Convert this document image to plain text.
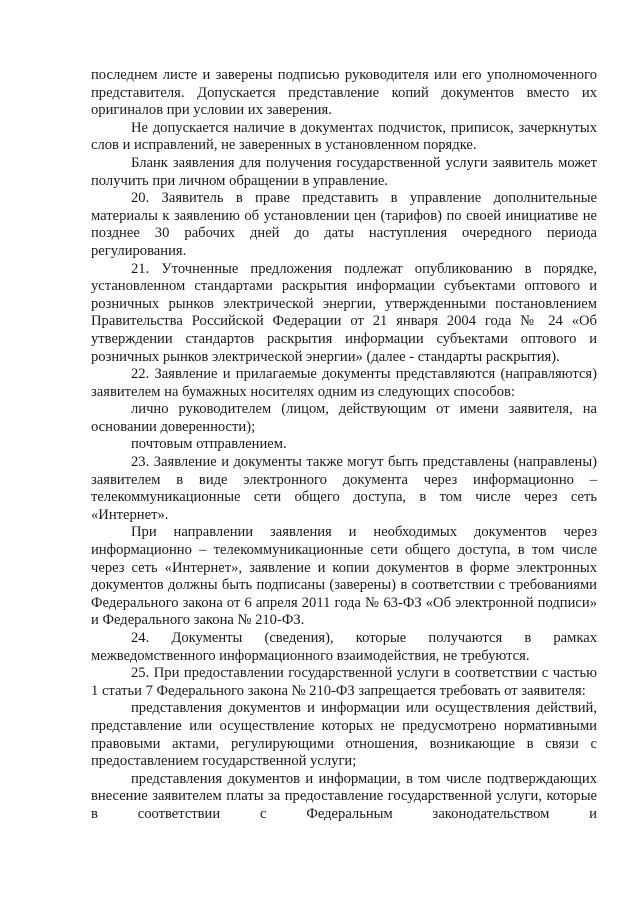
последнем листе и заверены подписью руководителя или его уполномоченного представителя. Допускается представление копий документов вместо их оригиналов при условии их заверения.

Не допускается наличие в документах подчисток, приписок, зачеркнутых слов и исправлений, не заверенных в установленном порядке.

Бланк заявления для получения государственной услуги заявитель может получить при личном обращении в управление.

20. Заявитель в праве представить в управление дополнительные материалы к заявлению об установлении цен (тарифов) по своей инициативе не позднее 30 рабочих дней до даты наступления очередного периода регулирования.

21. Уточненные предложения подлежат опубликованию в порядке, установленном стандартами раскрытия информации субъектами оптового и розничных рынков электрической энергии, утвержденными постановлением Правительства Российской Федерации от 21 января 2004 года № 24 «Об утверждении стандартов раскрытия информации субъектами оптового и розничных рынков электрической энергии» (далее - стандарты раскрытия).

22. Заявление и прилагаемые документы представляются (направляются) заявителем на бумажных носителях одним из следующих способов:

лично руководителем (лицом, действующим от имени заявителя, на основании доверенности);

почтовым отправлением.

23. Заявление и документы также могут быть представлены (направлены) заявителем в виде электронного документа через информационно – телекоммуникационные сети общего доступа, в том числе через сеть «Интернет».

При направлении заявления и необходимых документов через информационно – телекоммуникационные сети общего доступа, в том числе через сеть «Интернет», заявление и копии документов в форме электронных документов должны быть подписаны (заверены) в соответствии с требованиями Федерального закона от 6 апреля 2011 года № 63-ФЗ «Об электронной подписи» и Федерального закона № 210-ФЗ.

24. Документы (сведения), которые получаются в рамках межведомственного информационного взаимодействия, не требуются.

25. При предоставлении государственной услуги в соответствии с частью 1 статьи 7 Федерального закона № 210-ФЗ запрещается требовать от заявителя:

представления документов и информации или осуществления действий, представление или осуществление которых не предусмотрено нормативными правовыми актами, регулирующими отношения, возникающие в связи с предоставлением государственной услуги;

представления документов и информации, в том числе подтверждающих внесение заявителем платы за предоставление государственной услуги, которые в соответствии с Федеральным законодательством и
